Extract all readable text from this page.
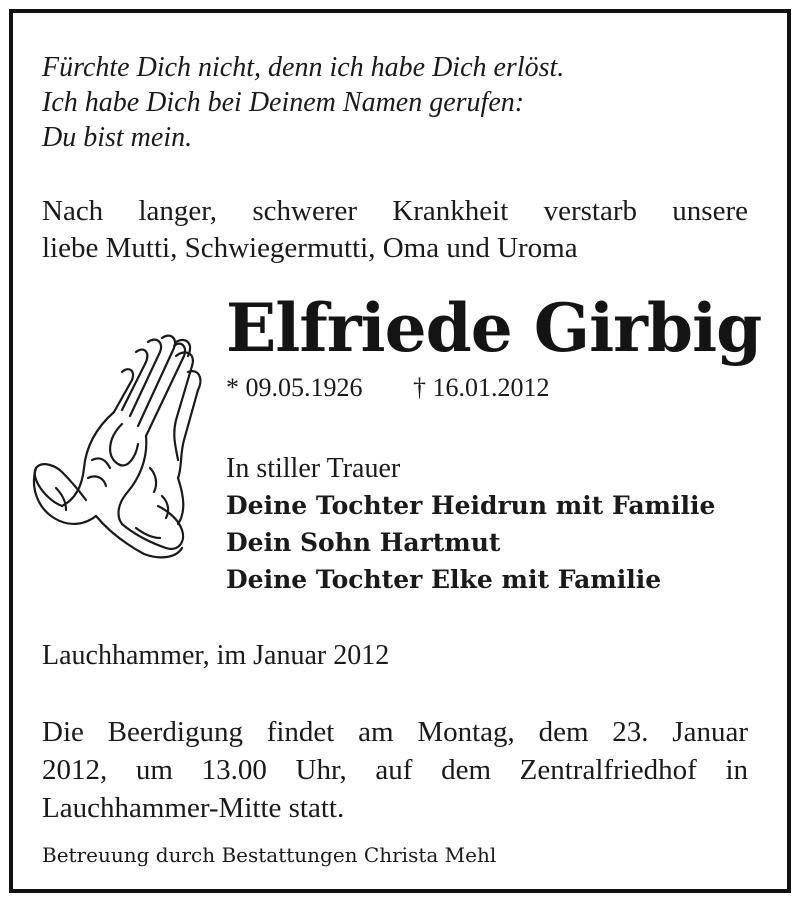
Fürchte Dich nicht, denn ich habe Dich erlöst.
Ich habe Dich bei Deinem Namen gerufen:
Du bist mein.
Nach langer, schwerer Krankheit verstarb unsere
liebe Mutti, Schwiegermutti, Oma und Uroma
Elfriede Girbig
* 09.05.1926 † 16.01.2012
In stiller Trauer
Deine Tochter Heidrun mit Familie
Dein Sohn Hartmut
Deine Tochter Elke mit Familie
Lauchhammer, im Januar 2012
Die Beerdigung findet am Montag, dem 23. Januar
2012, um 13.00 Uhr, auf dem Zentralfriedhof in
Lauchhammer-Mitte statt.
Betreuung durch Bestattungen Christa Mehl
